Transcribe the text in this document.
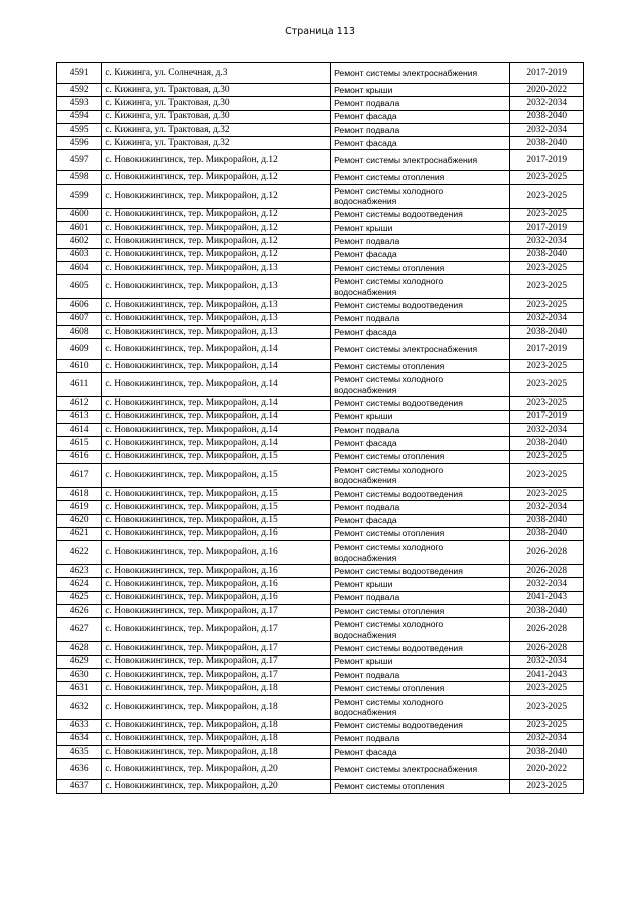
Страница 113
4591	с. Кижинга, ул. Солнечная, д.3	Ремонт системы электроснабжения	2017-2019
4592	с. Кижинга, ул. Трактовая, д.30	Ремонт крыши	2020-2022
4593	с. Кижинга, ул. Трактовая, д.30	Ремонт подвала	2032-2034
4594	с. Кижинга, ул. Трактовая, д.30	Ремонт фасада	2038-2040
4595	с. Кижинга, ул. Трактовая, д.32	Ремонт подвала	2032-2034
4596	с. Кижинга, ул. Трактовая, д.32	Ремонт фасада	2038-2040
4597	с. Новокижингинск, тер. Микрорайон, д.12	Ремонт системы электроснабжения	2017-2019
4598	с. Новокижингинск, тер. Микрорайон, д.12	Ремонт системы отопления	2023-2025
4599	с. Новокижингинск, тер. Микрорайон, д.12	Ремонт системы холодного водоснабжения	2023-2025
4600	с. Новокижингинск, тер. Микрорайон, д.12	Ремонт системы водоотведения	2023-2025
4601	с. Новокижингинск, тер. Микрорайон, д.12	Ремонт крыши	2017-2019
4602	с. Новокижингинск, тер. Микрорайон, д.12	Ремонт подвала	2032-2034
4603	с. Новокижингинск, тер. Микрорайон, д.12	Ремонт фасада	2038-2040
4604	с. Новокижингинск, тер. Микрорайон, д.13	Ремонт системы отопления	2023-2025
4605	с. Новокижингинск, тер. Микрорайон, д.13	Ремонт системы холодного водоснабжения	2023-2025
4606	с. Новокижингинск, тер. Микрорайон, д.13	Ремонт системы водоотведения	2023-2025
4607	с. Новокижингинск, тер. Микрорайон, д.13	Ремонт подвала	2032-2034
4608	с. Новокижингинск, тер. Микрорайон, д.13	Ремонт фасада	2038-2040
4609	с. Новокижингинск, тер. Микрорайон, д.14	Ремонт системы электроснабжения	2017-2019
4610	с. Новокижингинск, тер. Микрорайон, д.14	Ремонт системы отопления	2023-2025
4611	с. Новокижингинск, тер. Микрорайон, д.14	Ремонт системы холодного водоснабжения	2023-2025
4612	с. Новокижингинск, тер. Микрорайон, д.14	Ремонт системы водоотведения	2023-2025
4613	с. Новокижингинск, тер. Микрорайон, д.14	Ремонт крыши	2017-2019
4614	с. Новокижингинск, тер. Микрорайон, д.14	Ремонт подвала	2032-2034
4615	с. Новокижингинск, тер. Микрорайон, д.14	Ремонт фасада	2038-2040
4616	с. Новокижингинск, тер. Микрорайон, д.15	Ремонт системы отопления	2023-2025
4617	с. Новокижингинск, тер. Микрорайон, д.15	Ремонт системы холодного водоснабжения	2023-2025
4618	с. Новокижингинск, тер. Микрорайон, д.15	Ремонт системы водоотведения	2023-2025
4619	с. Новокижингинск, тер. Микрорайон, д.15	Ремонт подвала	2032-2034
4620	с. Новокижингинск, тер. Микрорайон, д.15	Ремонт фасада	2038-2040
4621	с. Новокижингинск, тер. Микрорайон, д.16	Ремонт системы отопления	2038-2040
4622	с. Новокижингинск, тер. Микрорайон, д.16	Ремонт системы холодного водоснабжения	2026-2028
4623	с. Новокижингинск, тер. Микрорайон, д.16	Ремонт системы водоотведения	2026-2028
4624	с. Новокижингинск, тер. Микрорайон, д.16	Ремонт крыши	2032-2034
4625	с. Новокижингинск, тер. Микрорайон, д.16	Ремонт подвала	2041-2043
4626	с. Новокижингинск, тер. Микрорайон, д.17	Ремонт системы отопления	2038-2040
4627	с. Новокижингинск, тер. Микрорайон, д.17	Ремонт системы холодного водоснабжения	2026-2028
4628	с. Новокижингинск, тер. Микрорайон, д.17	Ремонт системы водоотведения	2026-2028
4629	с. Новокижингинск, тер. Микрорайон, д.17	Ремонт крыши	2032-2034
4630	с. Новокижингинск, тер. Микрорайон, д.17	Ремонт подвала	2041-2043
4631	с. Новокижингинск, тер. Микрорайон, д.18	Ремонт системы отопления	2023-2025
4632	с. Новокижингинск, тер. Микрорайон, д.18	Ремонт системы холодного водоснабжения	2023-2025
4633	с. Новокижингинск, тер. Микрорайон, д.18	Ремонт системы водоотведения	2023-2025
4634	с. Новокижингинск, тер. Микрорайон, д.18	Ремонт подвала	2032-2034
4635	с. Новокижингинск, тер. Микрорайон, д.18	Ремонт фасада	2038-2040
4636	с. Новокижингинск, тер. Микрорайон, д.20	Ремонт системы электроснабжения	2020-2022
4637	с. Новокижингинск, тер. Микрорайон, д.20	Ремонт системы отопления	2023-2025
